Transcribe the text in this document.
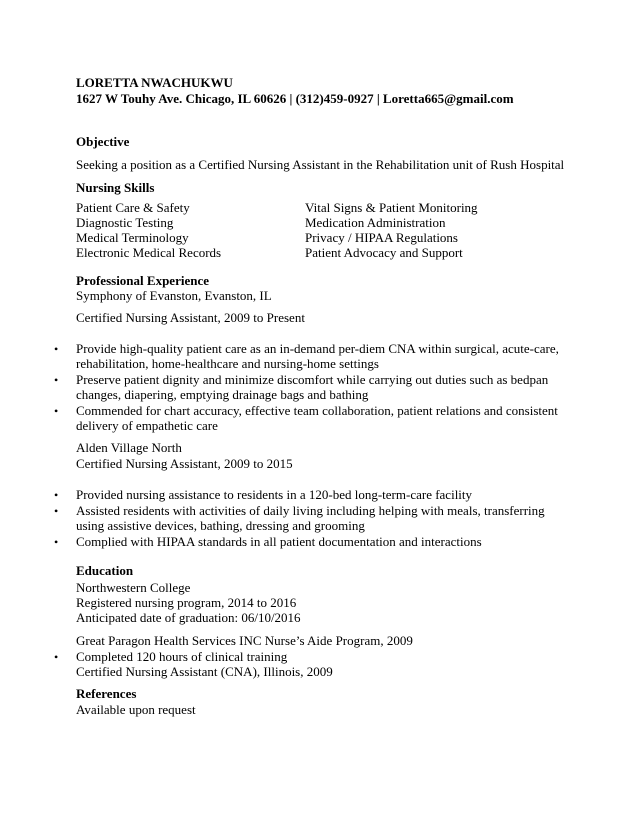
LORETTA NWACHUKWU
1627 W Touhy Ave. Chicago, IL 60626 | (312)459-0927 | Loretta665@gmail.com
Objective
Seeking a position as a Certified Nursing Assistant in the Rehabilitation unit of Rush Hospital
Nursing Skills
Patient Care & Safety
Diagnostic Testing
Medical Terminology
Electronic Medical Records
Vital Signs & Patient Monitoring
Medication Administration
Privacy / HIPAA Regulations
Patient Advocacy and Support
Professional Experience
Symphony of Evanston, Evanston, IL
Certified Nursing Assistant, 2009 to Present
• Provide high-quality patient care as an in-demand per-diem CNA within surgical, acute-care,
rehabilitation, home-healthcare and nursing-home settings
• Preserve patient dignity and minimize discomfort while carrying out duties such as bedpan
changes, diapering, emptying drainage bags and bathing
• Commended for chart accuracy, effective team collaboration, patient relations and consistent
delivery of empathetic care
Alden Village North
Certified Nursing Assistant, 2009 to 2015
• Provided nursing assistance to residents in a 120-bed long-term-care facility
• Assisted residents with activities of daily living including helping with meals, transferring
using assistive devices, bathing, dressing and grooming
• Complied with HIPAA standards in all patient documentation and interactions
Education
Northwestern College
Registered nursing program, 2014 to 2016
Anticipated date of graduation: 06/10/2016
Great Paragon Health Services INC Nurse’s Aide Program, 2009
• Completed 120 hours of clinical training
Certified Nursing Assistant (CNA), Illinois, 2009
References
Available upon request
